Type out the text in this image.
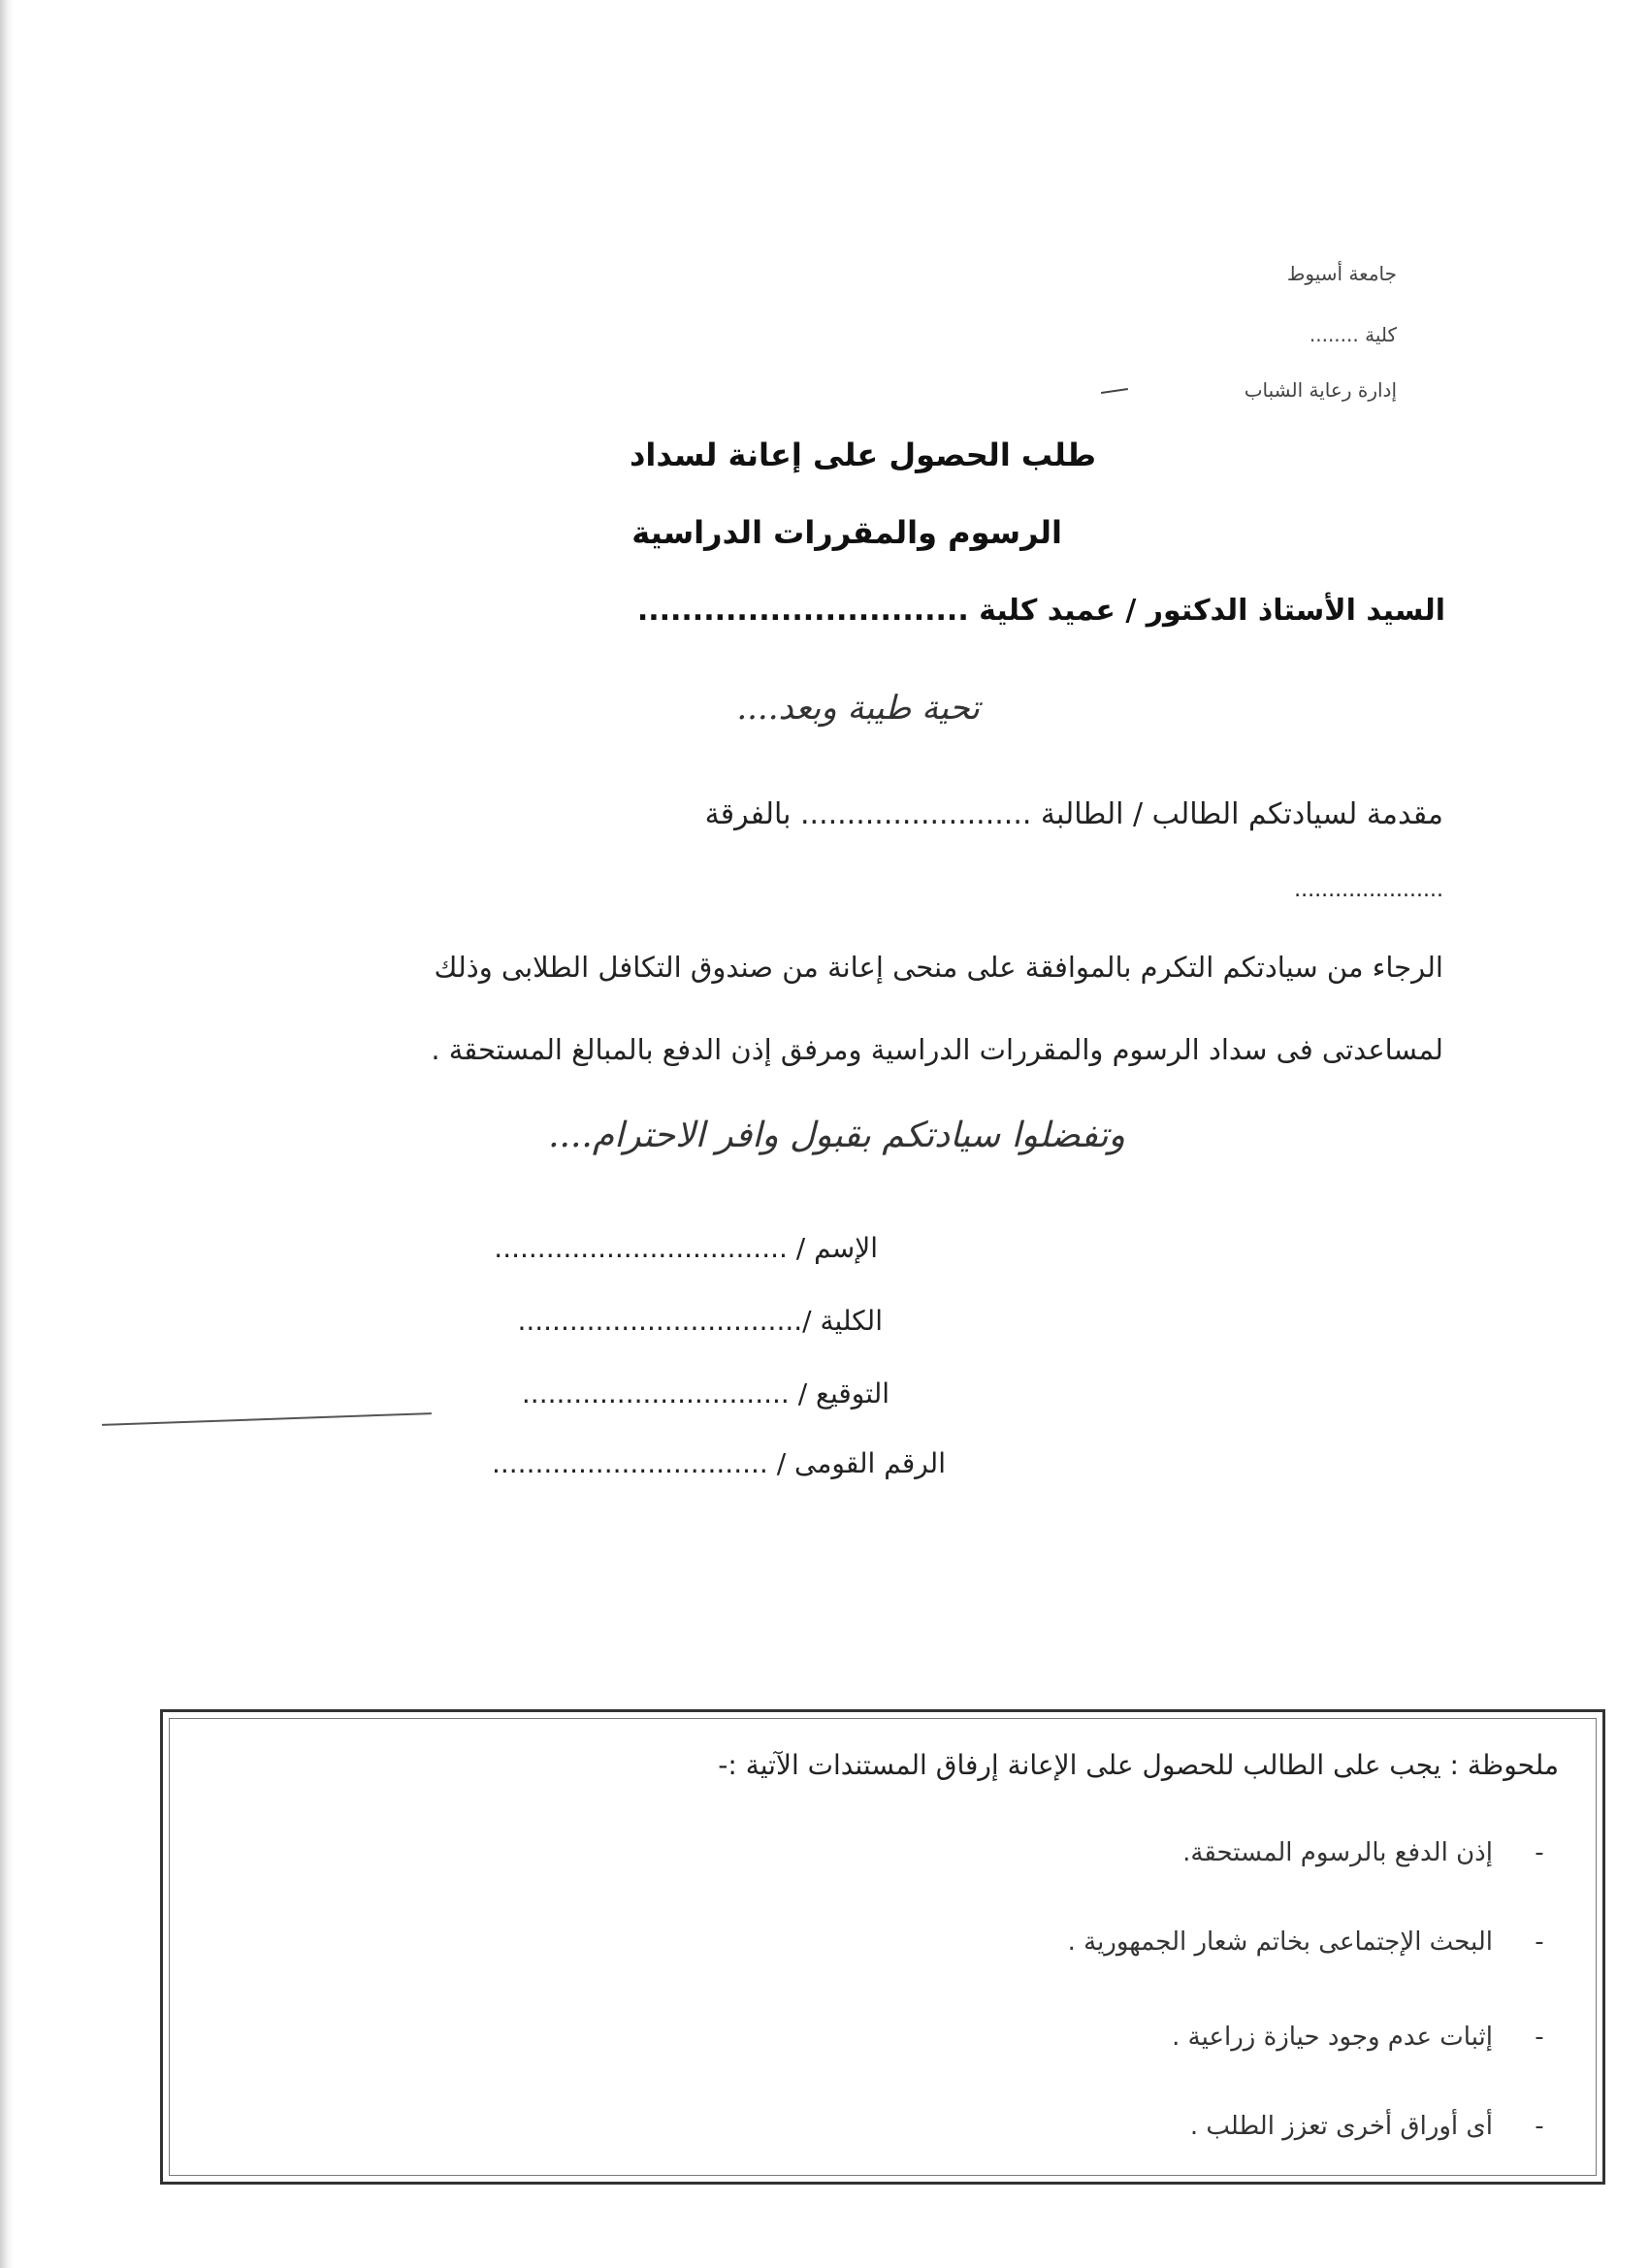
جامعة أسيوط
كلية ........
إدارة رعاية الشباب
طلب الحصول على إعانة لسداد
الرسوم والمقررات الدراسية
السيد الأستاذ الدكتور / عميد كلية ..............................
تحية طيبة وبعد....
مقدمة لسيادتكم الطالب / الطالبة ......................... بالفرقة
......................
الرجاء من سيادتكم التكرم بالموافقة على منحى إعانة من صندوق التكافل الطلابى وذلك
لمساعدتى فى سداد الرسوم والمقررات الدراسية ومرفق إذن الدفع بالمبالغ المستحقة .
وتفضلوا سيادتكم بقبول وافر الاحترام....
الإسم / ..................................
الكلية /.................................
التوقيع / ...............................
الرقم القومى / ................................
ملحوظة : يجب على الطالب للحصول على الإعانة إرفاق المستندات الآتية :-
-إذن الدفع بالرسوم المستحقة.
-البحث الإجتماعى بخاتم شعار الجمهورية .
-إثبات عدم وجود حيازة زراعية .
-أى أوراق أخرى تعزز الطلب .
